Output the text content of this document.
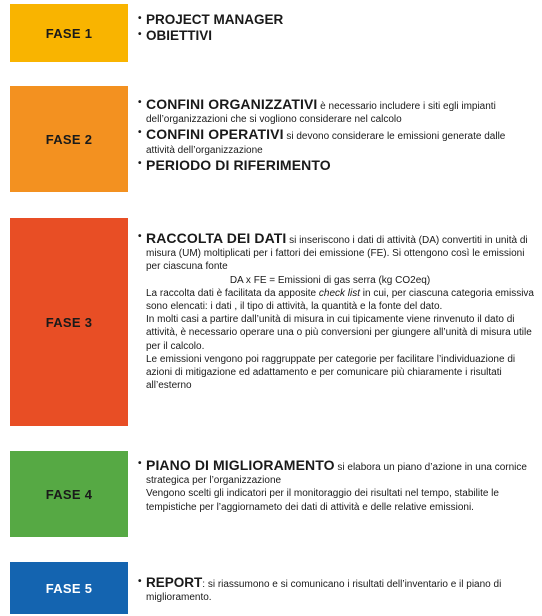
FASE 1
FASE 2
FASE 3
FASE 4
FASE 5
• PROJECT MANAGER
• OBIETTIVI
• CONFINI ORGANIZZATIVI è necessario includere i siti egli impianti dell’organizzazioni che si vogliono considerare nel calcolo
• CONFINI OPERATIVI si devono considerare le emissioni generate dalle attività dell’organizzazione
• PERIODO DI RIFERIMENTO
• RACCOLTA DEI DATI si inseriscono i dati di attività (DA) convertiti in unità di misura (UM) moltiplicati per i fattori dei emissione (FE). Si ottengono così le emissioni per ciascuna fonte
DA x FE = Emissioni di gas serra (kg CO2eq)
La raccolta dati è facilitata da apposite check list in cui, per ciascuna categoria emissiva sono elencati: i dati , il tipo di attività, la quantità e la fonte del dato.
In molti casi a partire dall’unità di misura in cui tipicamente viene rinvenuto il dato di attività, è necessario operare una o più conversioni per giungere all’unità di misura utile per il calcolo.
Le emissioni vengono poi raggruppate per categorie per facilitare l’individuazione di azioni di mitigazione ed adattamento e per comunicare più chiaramente i risultati all’esterno
• PIANO DI MIGLIORAMENTO si elabora un piano d’azione in una cornice strategica per l’organizzazione
Vengono scelti gli indicatori per il monitoraggio dei risultati nel tempo, stabilite le tempistiche per l’aggiornameto dei dati di attività e delle relative emissioni.
• REPORT: si riassumono e si comunicano i risultati dell’inventario e il piano di miglioramento.
